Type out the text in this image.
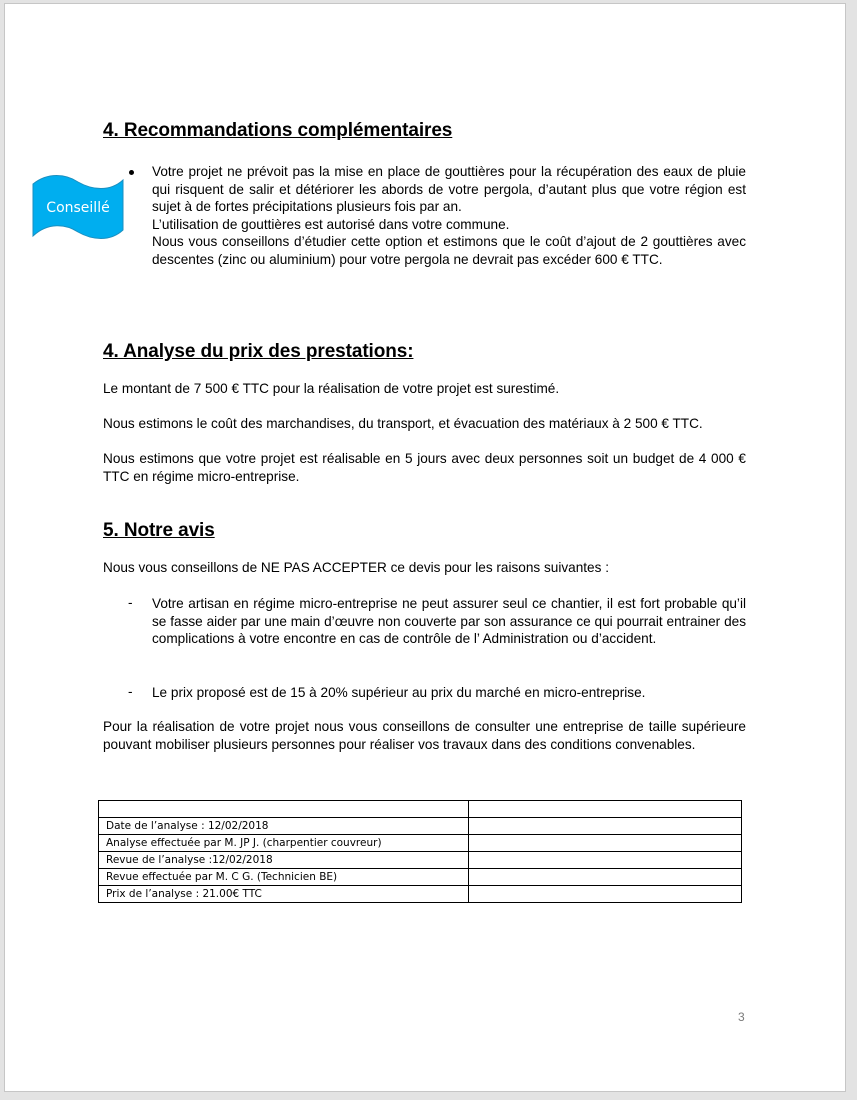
4. Recommandations complémentaires
Conseillé
Votre projet ne prévoit pas la mise en place de gouttières pour la récupération des eaux de pluie qui risquent de salir et détériorer les abords de votre pergola, d’autant plus que votre région est sujet à de fortes précipitations plusieurs fois par an.
L’utilisation de gouttières est autorisé dans votre commune.
Nous vous conseillons d’étudier cette option et estimons que le coût d’ajout de 2 gouttières avec descentes (zinc ou aluminium) pour votre pergola ne devrait pas excéder 600 € TTC.
4. Analyse du prix des prestations:
Le montant de 7 500 € TTC pour la réalisation de votre projet est surestimé.
Nous estimons le coût des marchandises, du transport, et évacuation des matériaux à 2 500 € TTC.
Nous estimons que votre projet est réalisable en 5 jours avec deux personnes soit un budget de 4 000 € TTC en régime micro-entreprise.
5. Notre avis
Nous vous conseillons de NE PAS ACCEPTER ce devis pour les raisons suivantes :
- Votre artisan en régime micro-entreprise ne peut assurer seul ce chantier, il est fort probable qu’il se fasse aider par une main d’œuvre non couverte par son assurance ce qui pourrait entrainer des complications à votre encontre en cas de contrôle de l’ Administration ou d’accident.
- Le prix proposé est de 15 à 20% supérieur au prix du marché en micro-entreprise.
Pour la réalisation de votre projet nous vous conseillons de consulter une entreprise de taille supérieure pouvant mobiliser plusieurs personnes pour réaliser vos travaux dans des conditions convenables.

Date de l’analyse : 12/02/2018	
Analyse effectuée par M. JP J. (charpentier couvreur)	
Revue de l’analyse :12/02/2018	
Revue effectuée par M. C G. (Technicien BE)	
Prix de l’analyse : 21.00€ TTC	
3
